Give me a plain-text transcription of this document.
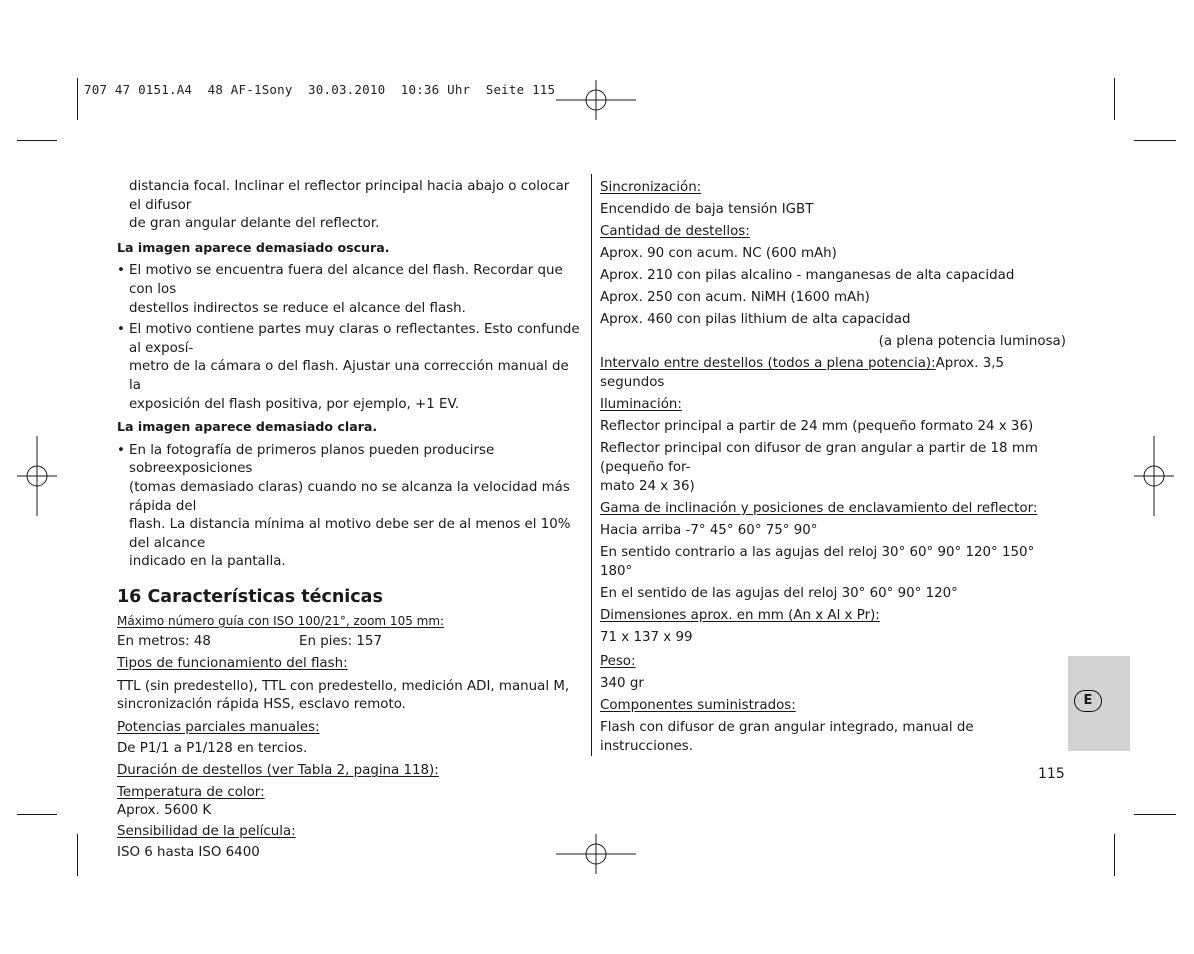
707 47 0151.A4  48 AF-1Sony  30.03.2010  10:36 Uhr  Seite 115

distancia focal. Inclinar el reflector principal hacia abajo o colocar el difusor
de gran angular delante del reflector.

La imagen aparece demasiado oscura.

• El motivo se encuentra fuera del alcance del flash. Recordar que con los
destellos indirectos se reduce el alcance del flash.
• El motivo contiene partes muy claras o reflectantes. Esto confunde al exposí-
metro de la cámara o del flash. Ajustar una corrección manual de la
exposición del flash positiva, por ejemplo, +1 EV.

La imagen aparece demasiado clara.

• En la fotografía de primeros planos pueden producirse sobreexposiciones
(tomas demasiado claras) cuando no se alcanza la velocidad más rápida del
flash. La distancia mínima al motivo debe ser de al menos el 10% del alcance
indicado en la pantalla.

16 Características técnicas

Máximo número guía con ISO 100/21°, zoom 105 mm:

En metros: 48	En pies: 157

Tipos de funcionamiento del flash:

TTL (sin predestello), TTL con predestello, medición ADI, manual M,
sincronización rápida HSS, esclavo remoto.

Potencias parciales manuales:

De P1/1 a P1/128 en tercios.

Duración de destellos (ver Tabla 2, pagina 118):

Temperatura de color:

Aprox. 5600 K

Sensibilidad de la película:

ISO 6 hasta ISO 6400

Sincronización:

Encendido de baja tensión IGBT

Cantidad de destellos:

Aprox. 90 con acum. NC (600 mAh)

Aprox. 210 con pilas alcalino - manganesas de alta capacidad

Aprox. 250 con acum. NiMH (1600 mAh)

Aprox. 460 con pilas lithium de alta capacidad

(a plena potencia luminosa)

Intervalo entre destellos (todos a plena potencia):Aprox. 3,5 segundos

Iluminación:

Reflector principal a partir de 24 mm (pequeño formato 24 x 36)

Reflector principal con difusor de gran angular a partir de 18 mm (pequeño for-
mato 24 x 36)

Gama de inclinación y posiciones de enclavamiento del reflector:

Hacia arriba -7° 45° 60° 75° 90°

En sentido contrario a las agujas del reloj 30° 60° 90° 120° 150° 180°

En el sentido de las agujas del reloj 30° 60° 90° 120°

Dimensiones aprox. en mm (An x Al x Pr):

71 x 137 x 99

Peso:

340 gr

Componentes suministrados:

Flash con difusor de gran angular integrado, manual de instrucciones.

E
115
